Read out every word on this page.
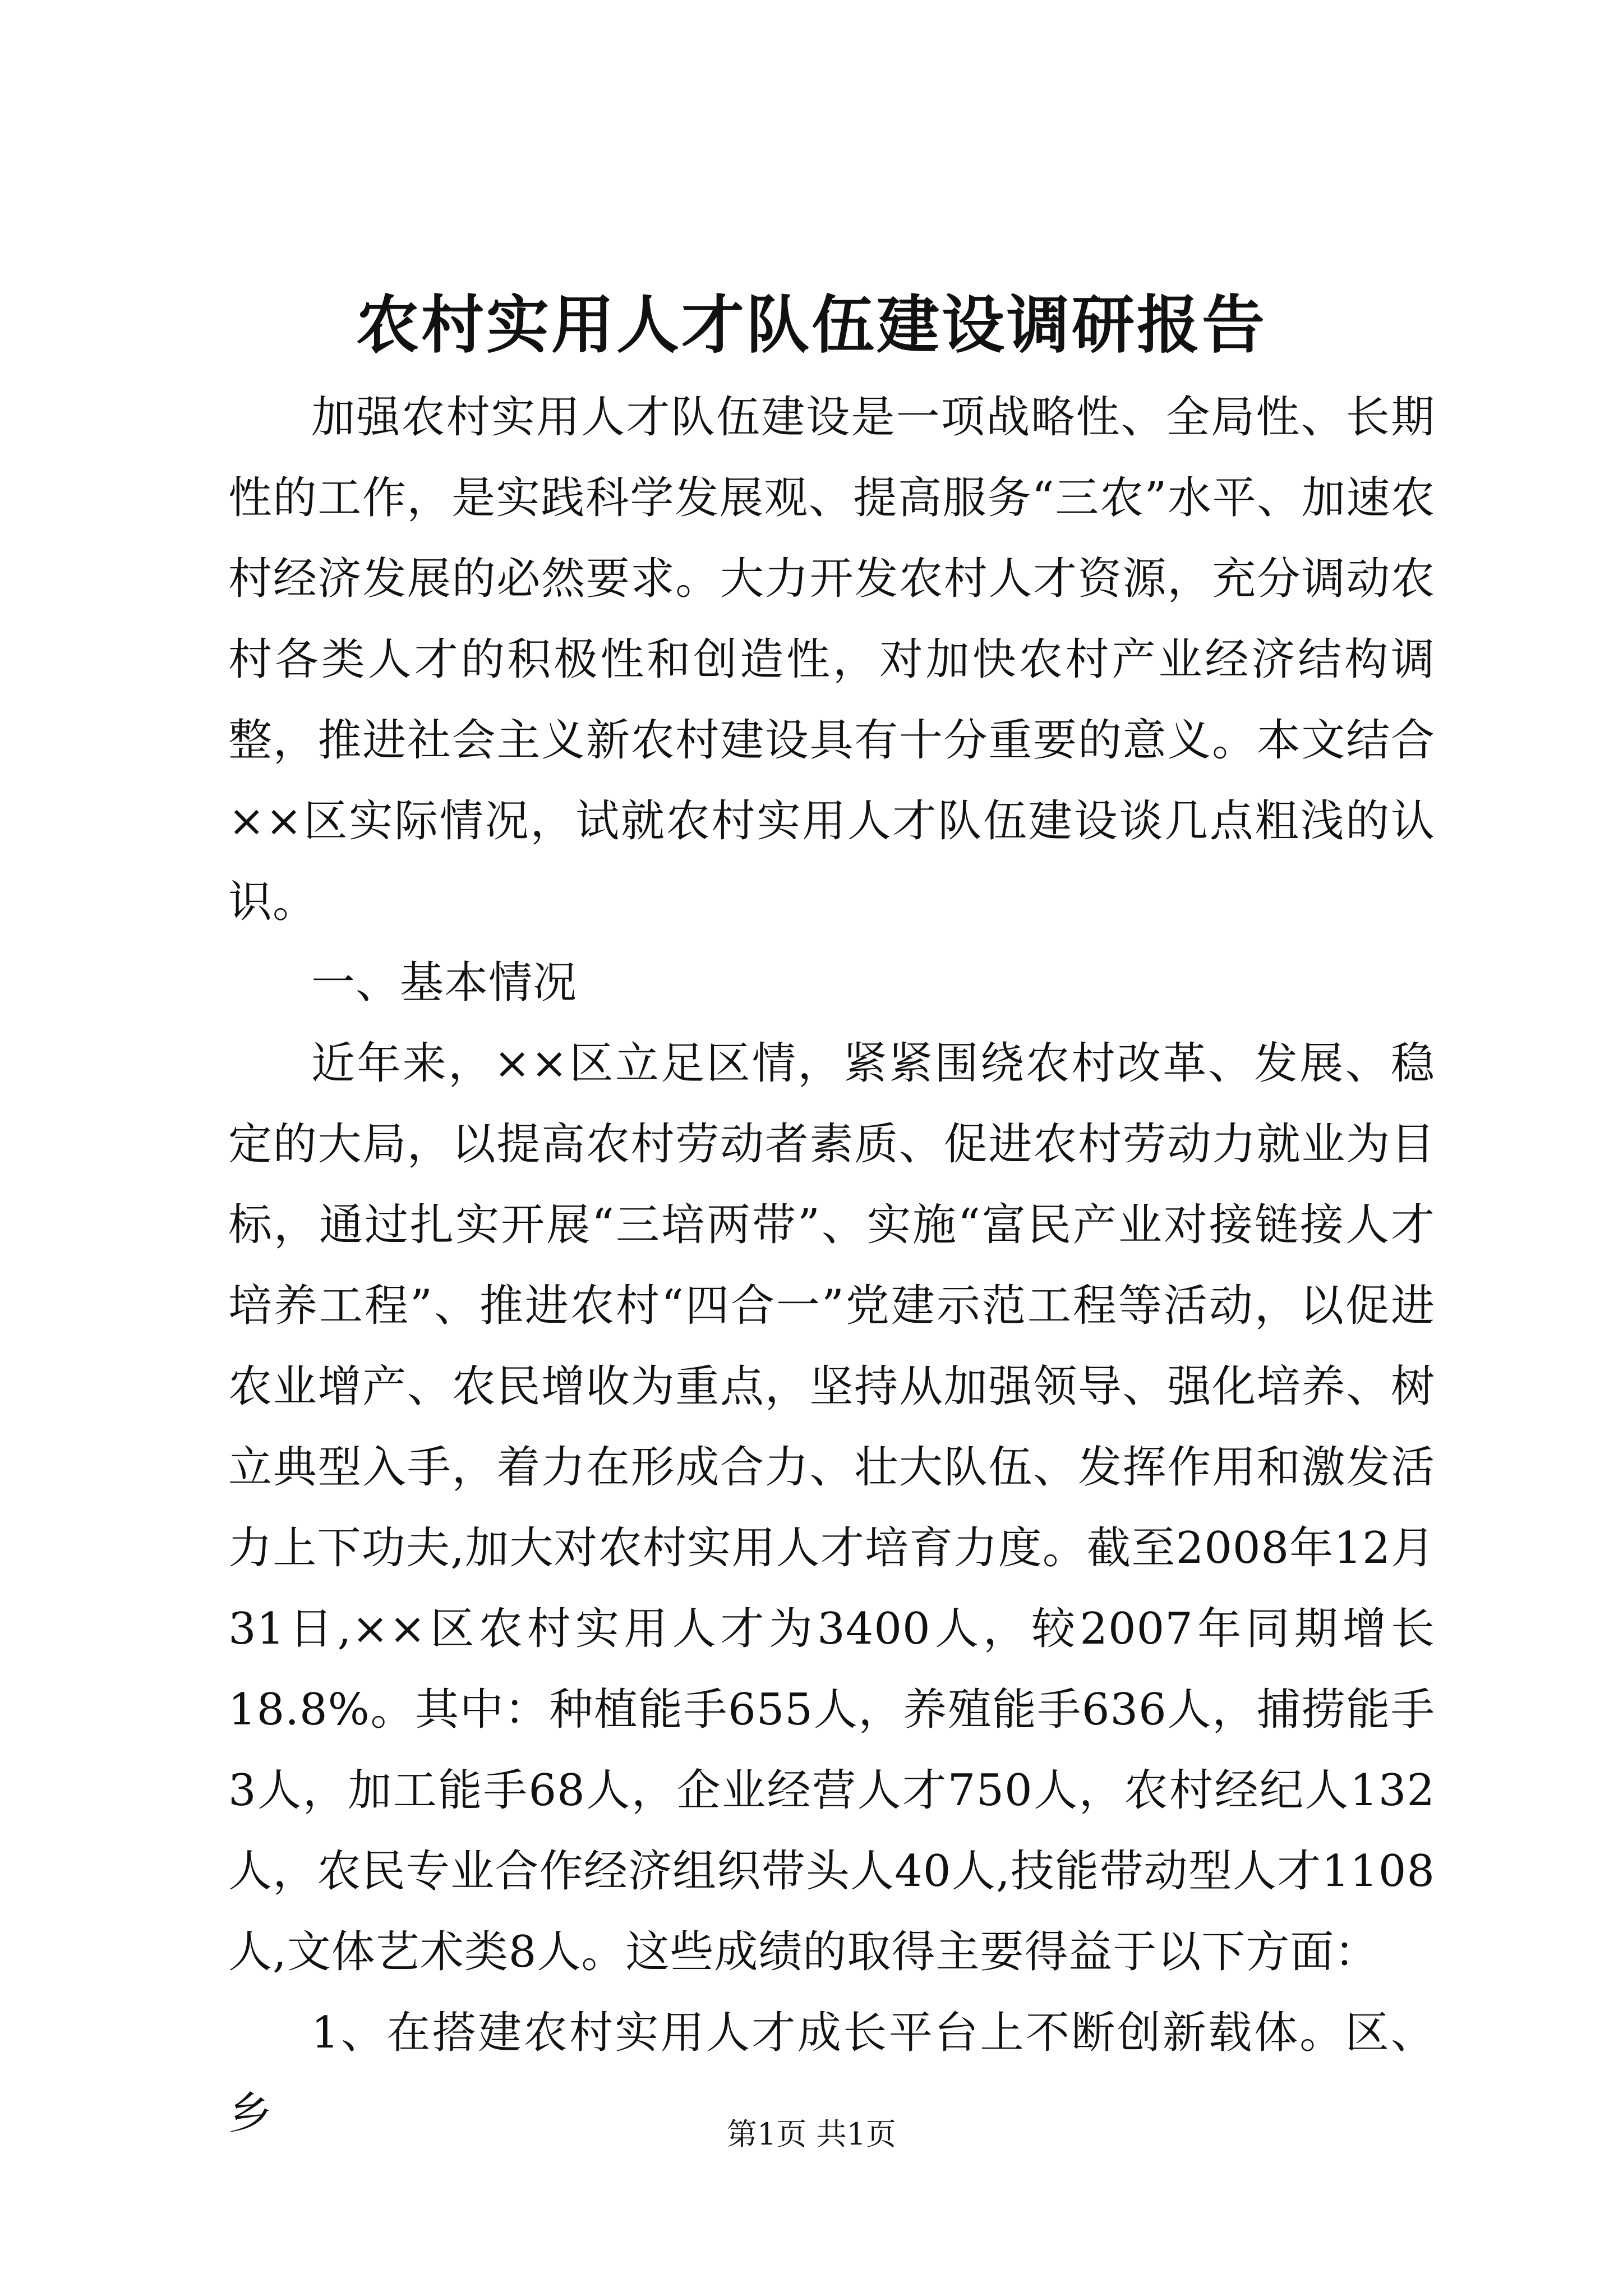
农村实用人才队伍建设调研报告

加强农村实用人才队伍建设是一项战略性、全局性、长期性的工作，是实践科学发展观、提高服务“三农”水平、加速农村经济发展的必然要求。大力开发农村人才资源，充分调动农村各类人才的积极性和创造性，对加快农村产业经济结构调整，推进社会主义新农村建设具有十分重要的意义。本文结合××区实际情况，试就农村实用人才队伍建设谈几点粗浅的认识。

一、基本情况

近年来，××区立足区情，紧紧围绕农村改革、发展、稳定的大局，以提高农村劳动者素质、促进农村劳动力就业为目标，通过扎实开展“三培两带”、实施“富民产业对接链接人才培养工程”、推进农村“四合一”党建示范工程等活动，以促进农业增产、农民增收为重点，坚持从加强领导、强化培养、树立典型入手，着力在形成合力、壮大队伍、发挥作用和激发活力上下功夫,加大对农村实用人才培育力度。截至2008年12月31日,××区农村实用人才为3400人，较2007年同期增长18.8%。其中：种植能手655人，养殖能手636人，捕捞能手3人，加工能手68人，企业经营人才750人，农村经纪人132人，农民专业合作经济组织带头人40人,技能带动型人才1108人,文体艺术类8人。这些成绩的取得主要得益于以下方面：

1、在搭建农村实用人才成长平台上不断创新载体。区、乡	第1页 共1页
